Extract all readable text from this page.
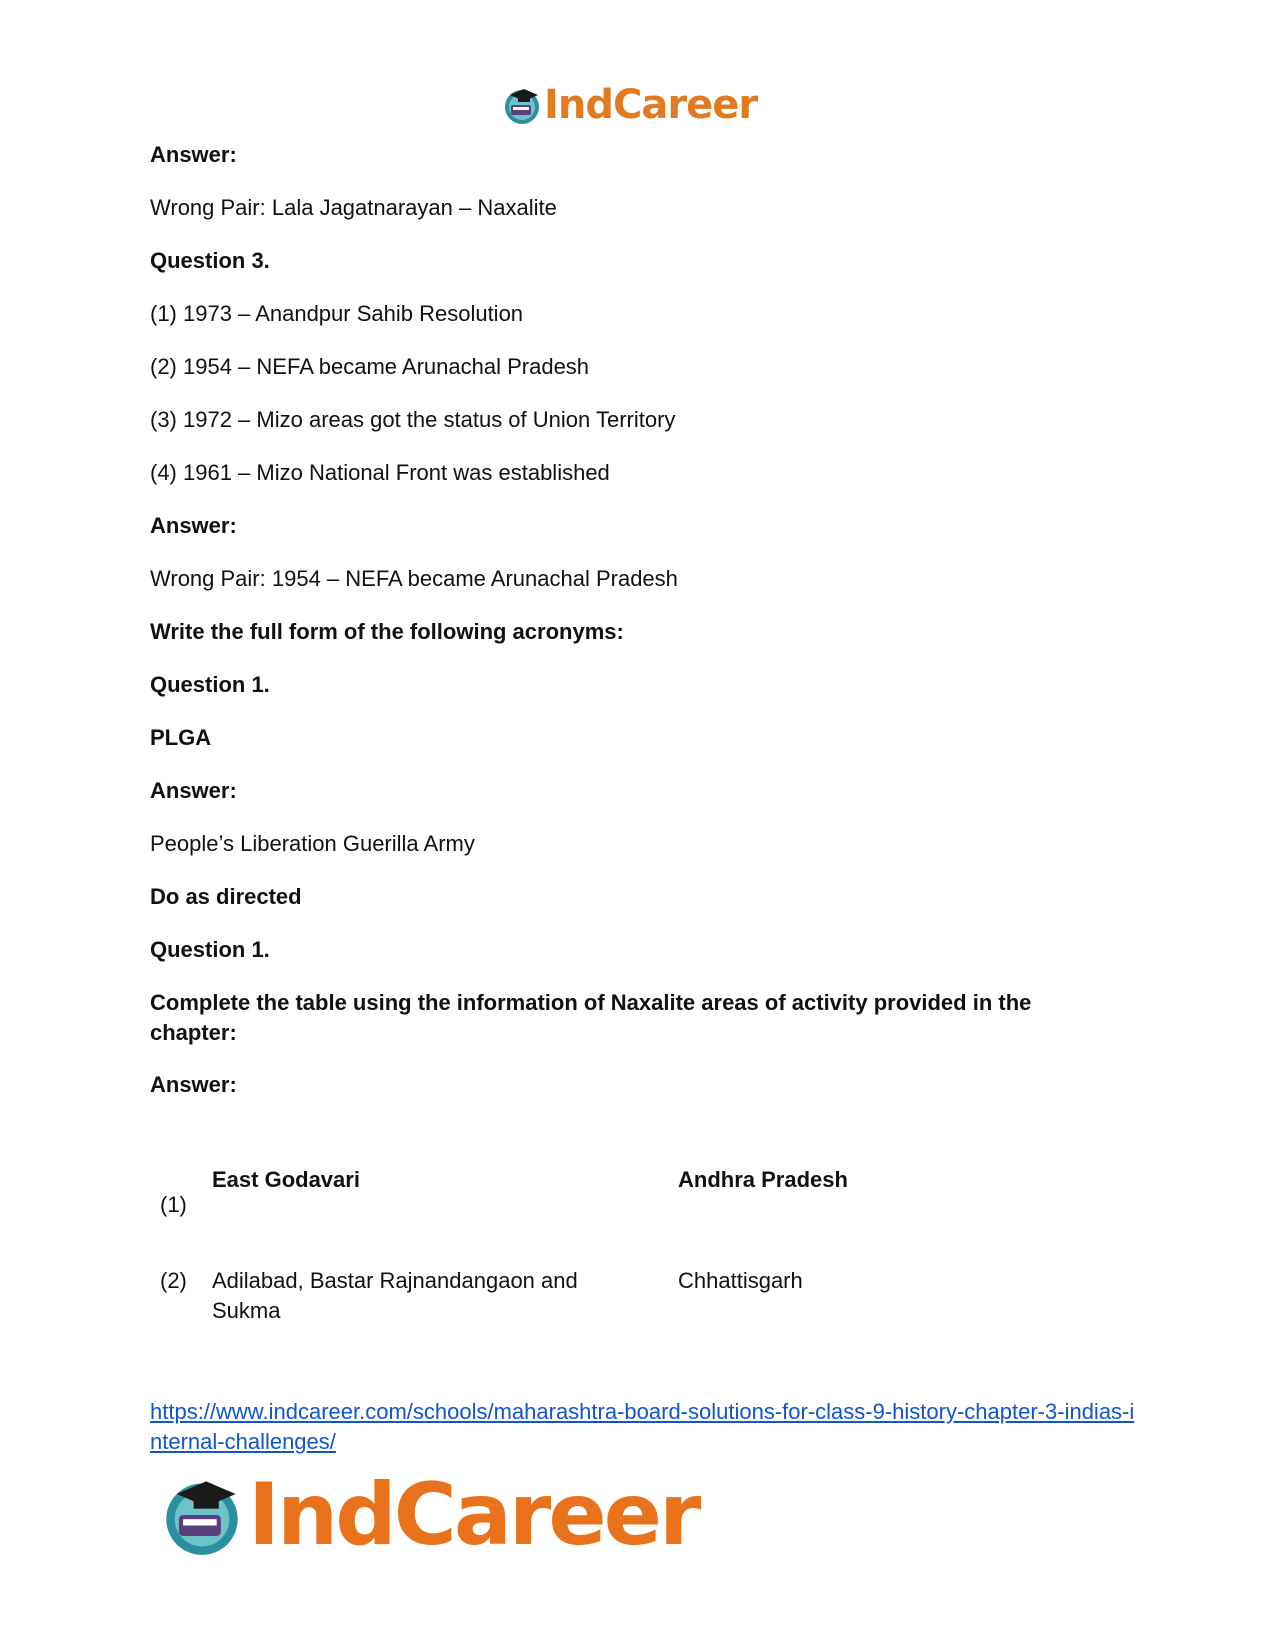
IndCareer

Answer:

Wrong Pair: Lala Jagatnarayan – Naxalite

Question 3.

(1) 1973 – Anandpur Sahib Resolution

(2) 1954 – NEFA became Arunachal Pradesh

(3) 1972 – Mizo areas got the status of Union Territory

(4) 1961 – Mizo National Front was established

Answer:

Wrong Pair: 1954 – NEFA became Arunachal Pradesh

Write the full form of the following acronyms:

Question 1.

PLGA

Answer:

People’s Liberation Guerilla Army

Do as directed

Question 1.

Complete the table using the information of Naxalite areas of activity provided in the chapter:

Answer:

(1)
East Godavari	Andhra Pradesh
(2) Adilabad, Bastar Rajnandangaon and Sukma
Chhattisgarh
https://www.indcareer.com/schools/maharashtra-board-solutions-for-class-9-history-chapter-3-indias-internal-challenges/
IndCareer
